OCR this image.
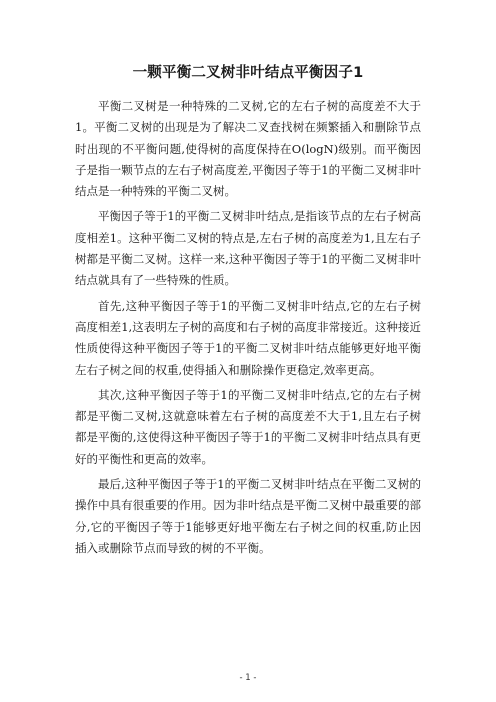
一颗平衡二叉树非叶结点平衡因子1

平衡二叉树是一种特殊的二叉树,它的左右子树的高度差不大于1。平衡二叉树的出现是为了解决二叉查找树在频繁插入和删除节点时出现的不平衡问题,使得树的高度保持在O(logN)级别。而平衡因子是指一颗节点的左右子树高度差,平衡因子等于1的平衡二叉树非叶结点是一种特殊的平衡二叉树。

平衡因子等于1的平衡二叉树非叶结点,是指该节点的左右子树高度相差1。这种平衡二叉树的特点是,左右子树的高度差为1,且左右子树都是平衡二叉树。这样一来,这种平衡因子等于1的平衡二叉树非叶结点就具有了一些特殊的性质。

首先,这种平衡因子等于1的平衡二叉树非叶结点,它的左右子树高度相差1,这表明左子树的高度和右子树的高度非常接近。这种接近性质使得这种平衡因子等于1的平衡二叉树非叶结点能够更好地平衡左右子树之间的权重,使得插入和删除操作更稳定,效率更高。

其次,这种平衡因子等于1的平衡二叉树非叶结点,它的左右子树都是平衡二叉树,这就意味着左右子树的高度差不大于1,且左右子树都是平衡的,这使得这种平衡因子等于1的平衡二叉树非叶结点具有更好的平衡性和更高的效率。

最后,这种平衡因子等于1的平衡二叉树非叶结点在平衡二叉树的操作中具有很重要的作用。因为非叶结点是平衡二叉树中最重要的部分,它的平衡因子等于1能够更好地平衡左右子树之间的权重,防止因插入或删除节点而导致的树的不平衡。

- 1 -
